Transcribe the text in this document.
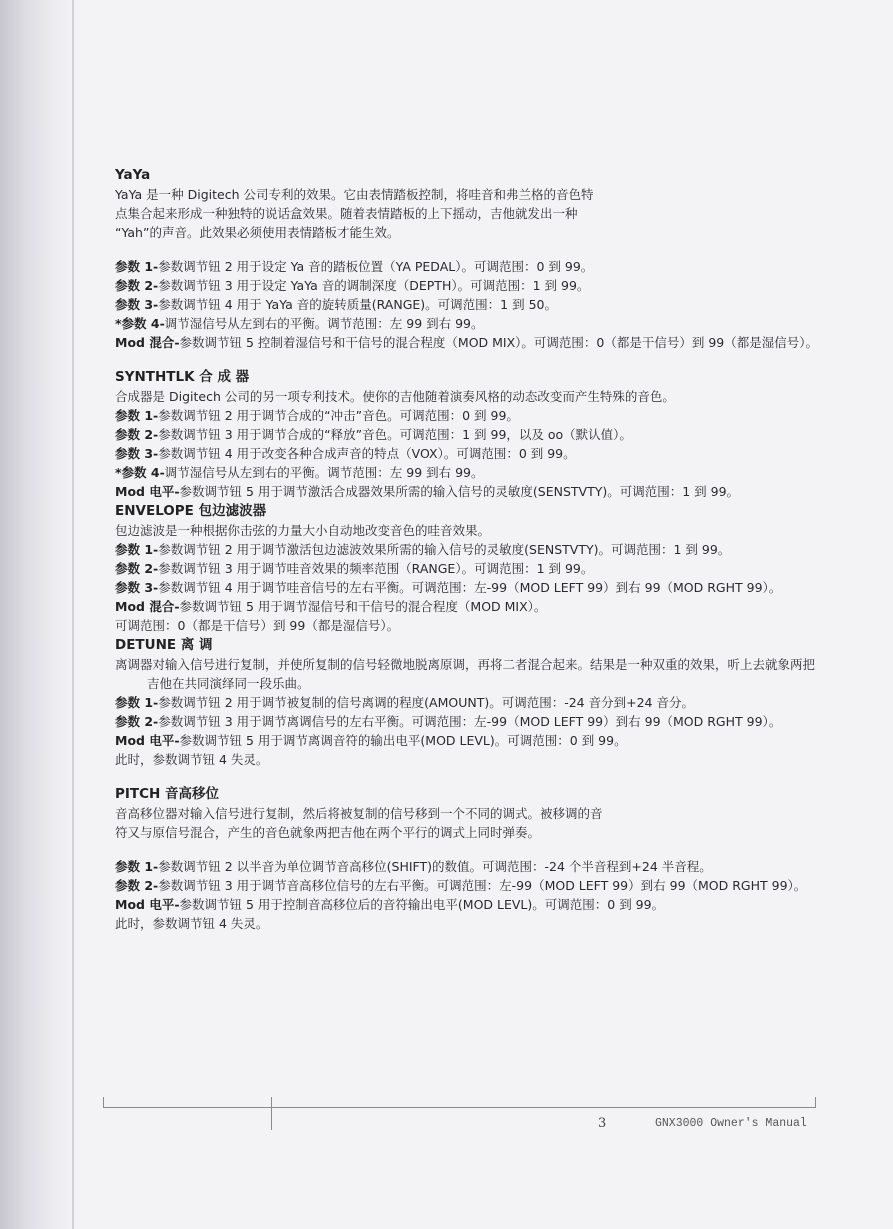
YaYa

YaYa 是一种 Digitech 公司专利的效果。它由表情踏板控制，将哇音和弗兰格的音色特

点集合起来形成一种独特的说话盒效果。随着表情踏板的上下摇动，吉他就发出一种

“Yah”的声音。此效果必须使用表情踏板才能生效。

参数 1-参数调节钮 2 用于设定 Ya 音的踏板位置（YA PEDAL）。可调范围：0 到 99。

参数 2-参数调节钮 3 用于设定 YaYa 音的调制深度（DEPTH）。可调范围：1 到 99。

参数 3-参数调节钮 4 用于 YaYa 音的旋转质量(RANGE)。可调范围：1 到 50。

*参数 4-调节湿信号从左到右的平衡。调节范围：左 99 到右 99。

Mod 混合-参数调节钮 5 控制着湿信号和干信号的混合程度（MOD MIX）。可调范围：0（都是干信号）到 99（都是湿信号）。

SYNTHTLK 合 成 器

合成器是 Digitech 公司的另一项专利技术。使你的吉他随着演奏风格的动态改变而产生特殊的音色。

参数 1-参数调节钮 2 用于调节合成的“冲击”音色。可调范围：0 到 99。

参数 2-参数调节钮 3 用于调节合成的“释放”音色。可调范围：1 到 99，以及 oo（默认值）。

参数 3-参数调节钮 4 用于改变各种合成声音的特点（VOX）。可调范围：0 到 99。

*参数 4-调节湿信号从左到右的平衡。调节范围：左 99 到右 99。

Mod 电平-参数调节钮 5 用于调节激活合成器效果所需的输入信号的灵敏度(SENSTVTY)。可调范围：1 到 99。

ENVELOPE 包边滤波器

包边滤波是一种根据你击弦的力量大小自动地改变音色的哇音效果。

参数 1-参数调节钮 2 用于调节激活包边滤波效果所需的输入信号的灵敏度(SENSTVTY)。可调范围：1 到 99。

参数 2-参数调节钮 3 用于调节哇音效果的频率范围（RANGE）。可调范围：1 到 99。

参数 3-参数调节钮 4 用于调节哇音信号的左右平衡。可调范围：左-99（MOD LEFT 99）到右 99（MOD RGHT 99）。

Mod 混合-参数调节钮 5 用于调节湿信号和干信号的混合程度（MOD MIX）。

可调范围：0（都是干信号）到 99（都是湿信号）。

DETUNE 离 调

离调器对输入信号进行复制，并使所复制的信号轻微地脱离原调，再将二者混合起来。结果是一种双重的效果，听上去就象两把吉他在共同演绎同一段乐曲。

参数 1-参数调节钮 2 用于调节被复制的信号离调的程度(AMOUNT)。可调范围：-24 音分到+24 音分。

参数 2-参数调节钮 3 用于调节离调信号的左右平衡。可调范围：左-99（MOD LEFT 99）到右 99（MOD RGHT 99）。

Mod 电平-参数调节钮 5 用于调节离调音符的输出电平(MOD LEVL)。可调范围：0 到 99。

此时，参数调节钮 4 失灵。

PITCH 音高移位

音高移位器对输入信号进行复制，然后将被复制的信号移到一个不同的调式。被移调的音

符又与原信号混合，产生的音色就象两把吉他在两个平行的调式上同时弹奏。

参数 1-参数调节钮 2 以半音为单位调节音高移位(SHIFT)的数值。可调范围：-24 个半音程到+24 半音程。

参数 2-参数调节钮 3 用于调节音高移位信号的左右平衡。可调范围：左-99（MOD LEFT 99）到右 99（MOD RGHT 99）。

Mod 电平-参数调节钮 5 用于控制音高移位后的音符输出电平(MOD LEVL)。可调范围：0 到 99。

此时，参数调节钮 4 失灵。

3	GNX3000 Owner's Manual
